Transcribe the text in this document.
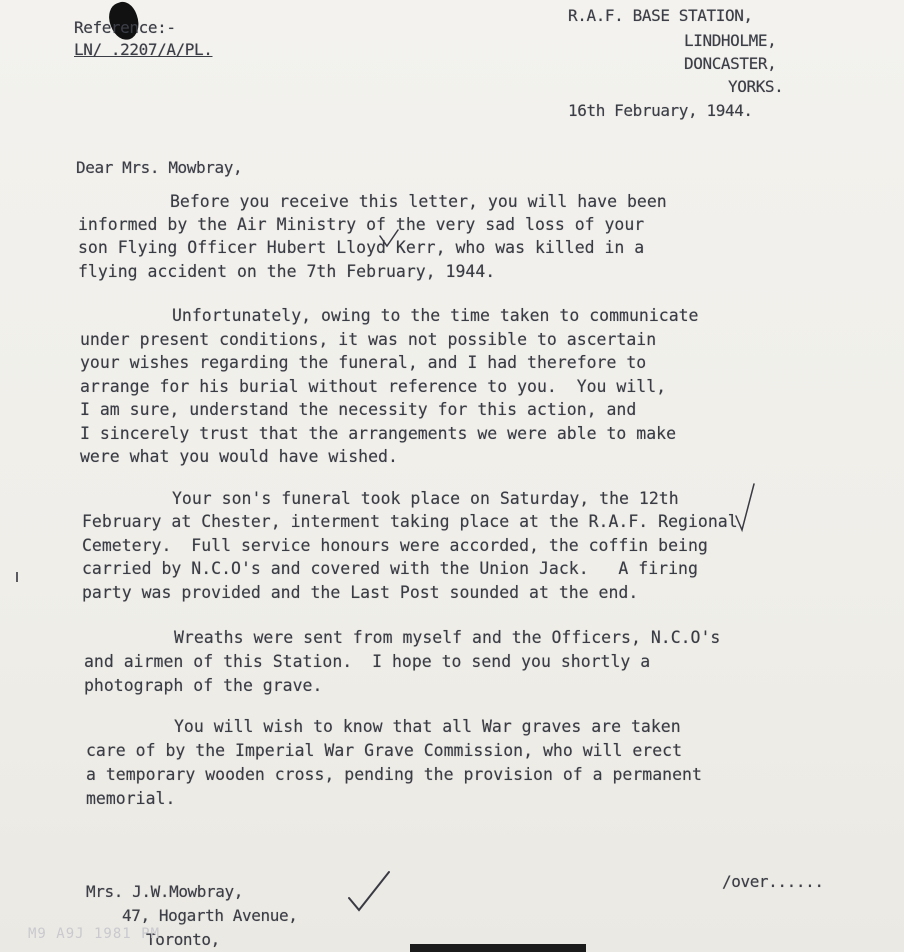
Reference:-
LN/ .2207/A/PL.
R.A.F. BASE STATION,
LINDHOLME,
DONCASTER,
YORKS.
16th February, 1944.
Dear Mrs. Mowbray,
Before you receive this letter, you will have been
informed by the Air Ministry of the very sad loss of your
son Flying Officer Hubert Lloyd Kerr, who was killed in a
flying accident on the 7th February, 1944.
Unfortunately, owing to the time taken to communicate
under present conditions, it was not possible to ascertain
your wishes regarding the funeral, and I had therefore to
arrange for his burial without reference to you.  You will,
I am sure, understand the necessity for this action, and
I sincerely trust that the arrangements we were able to make
were what you would have wished.
Your son's funeral took place on Saturday, the 12th
February at Chester, interment taking place at the R.A.F. Regional
Cemetery.  Full service honours were accorded, the coffin being
carried by N.C.O's and covered with the Union Jack.   A firing
party was provided and the Last Post sounded at the end.
Wreaths were sent from myself and the Officers, N.C.O's
and airmen of this Station.  I hope to send you shortly a
photograph of the grave.
You will wish to know that all War graves are taken
care of by the Imperial War Grave Commission, who will erect
a temporary wooden cross, pending the provision of a permanent
memorial.
Mrs. J.W.Mowbray,
47, Hogarth Avenue,
Toronto,
/over......
M9 A9J 1981 PM
